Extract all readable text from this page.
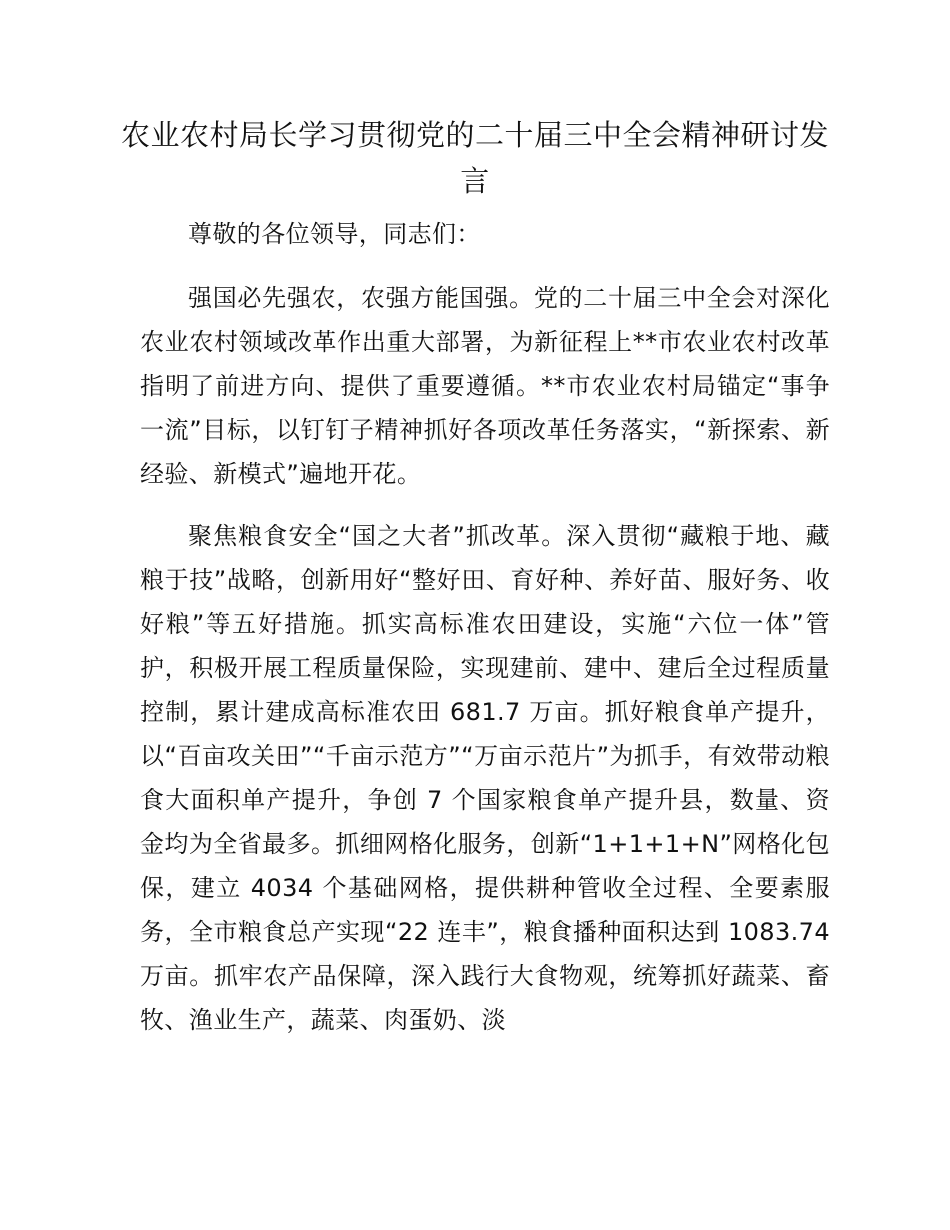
农业农村局长学习贯彻党的二十届三中全会精神研讨发言

尊敬的各位领导，同志们：

强国必先强农，农强方能国强。党的二十届三中全会对深化农业农村领域改革作出重大部署，为新征程上**市农业农村改革指明了前进方向、提供了重要遵循。**市农业农村局锚定“事争一流”目标，以钉钉子精神抓好各项改革任务落实，“新探索、新经验、新模式”遍地开花。

聚焦粮食安全“国之大者”抓改革。深入贯彻“藏粮于地、藏粮于技”战略，创新用好“整好田、育好种、养好苗、服好务、收好粮”等五好措施。抓实高标准农田建设，实施“六位一体”管护，积极开展工程质量保险，实现建前、建中、建后全过程质量控制，累计建成高标准农田 681.7 万亩。抓好粮食单产提升，以“百亩攻关田”“千亩示范方”“万亩示范片”为抓手，有效带动粮食大面积单产提升，争创 7 个国家粮食单产提升县，数量、资金均为全省最多。抓细网格化服务，创新“1+1+1+N”网格化包保，建立 4034 个基础网格，提供耕种管收全过程、全要素服务，全市粮食总产实现“22 连丰”，粮食播种面积达到 1083.74 万亩。抓牢农产品保障，深入践行大食物观，统筹抓好蔬菜、畜牧、渔业生产，蔬菜、肉蛋奶、淡
